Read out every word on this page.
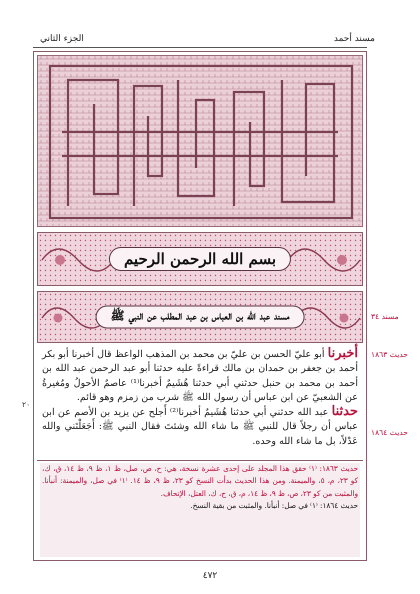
مسند أحمد
الجزء الثاني
بسم الله الرحمن الرحيم
مسند عبد الله بن العباس بن عبد المطلب عن النبي ﷺ	مسند ٣٤
حديث ١٨٦٣
حديث ١٨٦٤
٢٠

أخبرنا أبو عليّ الحسن بن عليّ بن محمد بن المذهب الواعظ قال أخبرنا أبو بكر أحمد بن جعفر بن حمدان بن مالك قراءةً عليه حدثنا أبو عبد الرحمن عبد الله بن أحمد بن محمد بن حنبل حدثني أبي حدثنا هُشَيمٌ أخبرنا⁽¹⁾ عاصمٌ الأحولُ ومُغيرةُ عن الشعبيّ عن ابن عباس أن رسول الله ﷺ شرب من زمزم وهو قائم.

حدثنا عبد الله حدثني أبي حدثنا هُشَيمٌ أخبرنا⁽²⁾ أَجلح عن يزيد بن الأصم عن ابن عباس أن رجلاً قال للنبي ﷺ ما شاء الله وشئتَ فقال النبي ﷺ: أَجَعَلْتَني والله عَدْلاً، بل ما شاء الله وحده.

حديث ١٨٦٣: ⁽١⁾ حقق هذا المجلد على إحدى عشرة نسخة، هي: ح، ص، صل، ظ ١، ظ ٩، ظ ١٤، ق، ك، كو ٢٣، م، ٥، والميمنة. ومن هذا الحديث بدأت النسخ كو ٢٣، ظ ٩، ظ ١٤. ⁽١⁾ في صل، والميمنة: أنبأنا. والمثبت من كو ٢٣، ص، ظ ٩، ظ ١٤، م، ق، ح، ك، العتل، الإتحاف.

حديث ١٨٦٤: ⁽١⁾ في صل: أنبأنا. والمثبت من بقية النسخ.

٤٧٢
